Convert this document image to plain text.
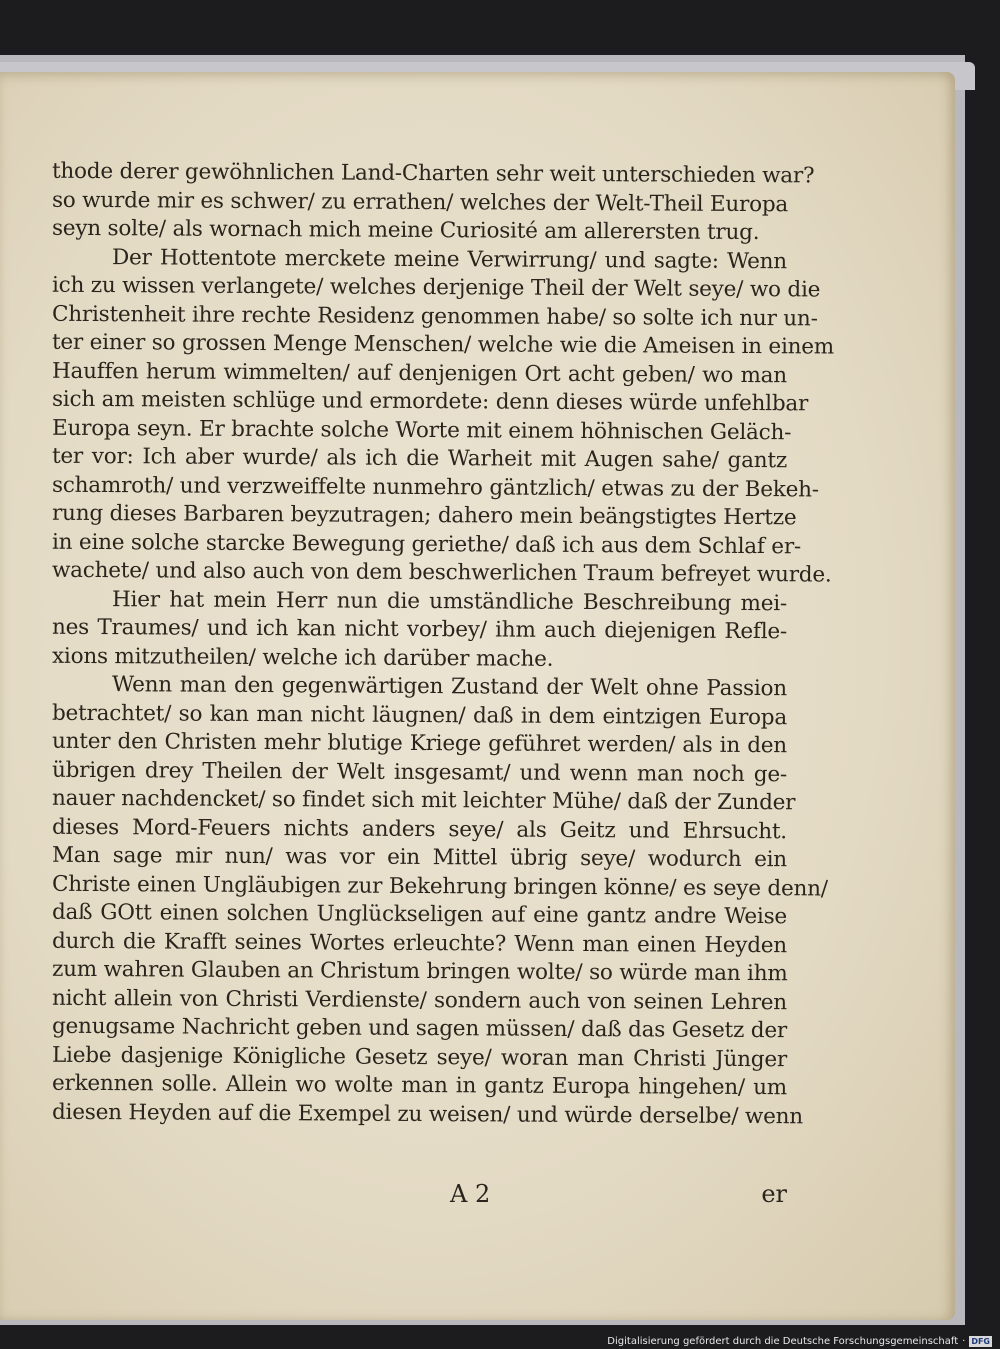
thode derer gewöhnlichen Land-Charten sehr weit unterschieden war?
so wurde mir es schwer/ zu errathen/ welches der Welt-Theil Europa
seyn solte/ als wornach mich meine Curiosité am allerersten trug.
Der Hottentote merckete meine Verwirrung/ und sagte: Wenn
ich zu wissen verlangete/ welches derjenige Theil der Welt seye/ wo die
Christenheit ihre rechte Residenz genommen habe/ so solte ich nur un-
ter einer so grossen Menge Menschen/ welche wie die Ameisen in einem
Hauffen herum wimmelten/ auf denjenigen Ort acht geben/ wo man
sich am meisten schlüge und ermordete: denn dieses würde unfehlbar
Europa seyn. Er brachte solche Worte mit einem höhnischen Geläch-
ter vor: Ich aber wurde/ als ich die Warheit mit Augen sahe/ gantz
schamroth/ und verzweiffelte nunmehro gäntzlich/ etwas zu der Bekeh-
rung dieses Barbaren beyzutragen; dahero mein beängstigtes Hertze
in eine solche starcke Bewegung geriethe/ daß ich aus dem Schlaf er-
wachete/ und also auch von dem beschwerlichen Traum befreyet wurde.
Hier hat mein Herr nun die umständliche Beschreibung mei-
nes Traumes/ und ich kan nicht vorbey/ ihm auch diejenigen Refle-
xions mitzutheilen/ welche ich darüber mache.
Wenn man den gegenwärtigen Zustand der Welt ohne Passion
betrachtet/ so kan man nicht läugnen/ daß in dem eintzigen Europa
unter den Christen mehr blutige Kriege geführet werden/ als in den
übrigen drey Theilen der Welt insgesamt/ und wenn man noch ge-
nauer nachdencket/ so findet sich mit leichter Mühe/ daß der Zunder
dieses Mord-Feuers nichts anders seye/ als Geitz und Ehrsucht.
Man sage mir nun/ was vor ein Mittel übrig seye/ wodurch ein
Christe einen Ungläubigen zur Bekehrung bringen könne/ es seye denn/
daß GOtt einen solchen Unglückseligen auf eine gantz andre Weise
durch die Krafft seines Wortes erleuchte? Wenn man einen Heyden
zum wahren Glauben an Christum bringen wolte/ so würde man ihm
nicht allein von Christi Verdienste/ sondern auch von seinen Lehren
genugsame Nachricht geben und sagen müssen/ daß das Gesetz der
Liebe dasjenige Königliche Gesetz seye/ woran man Christi Jünger
erkennen solle. Allein wo wolte man in gantz Europa hingehen/ um
diesen Heyden auf die Exempel zu weisen/ und würde derselbe/ wenn
A 2	er
Digitalisierung gefördert durch die Deutsche Forschungsgemeinschaft · DFG
